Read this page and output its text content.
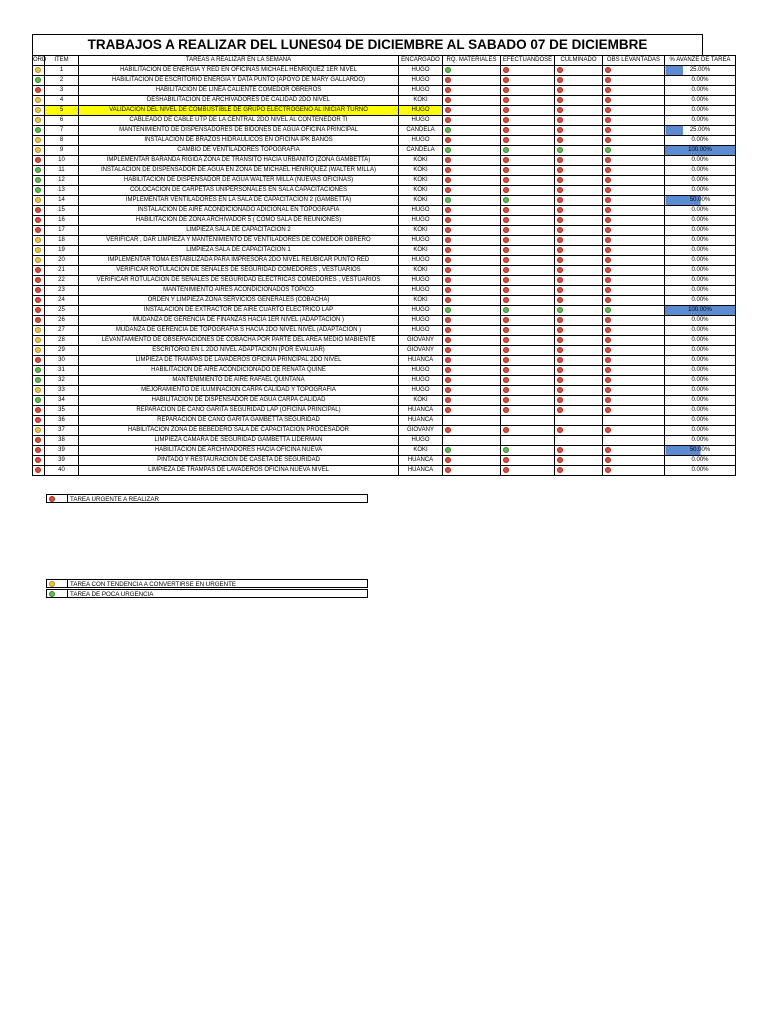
TRABAJOS A REALIZAR DEL LUNES04 DE DICIEMBRE AL SABADO 07 DE DICIEMBRE
ORD	ITEM	TAREAS A REALIZAR EN LA SEMANA	ENCARGADO	RQ. MATERIALES	EFECTUANDOSE	CULMINADO	OBS LEVANTADAS	% AVANZE DE TAREA

	1	HABILITACION DE ENERGIA Y RED EN OFICINAS MICHAEL HENRIQUEZ 1ER NIVEL	HUGO					25.00%

	2	HABILITACION DE ESCRITORIO ENERGIA Y DATA PUNTO (APOYO DE MARY GALLARDO)	HUGO					0.00%

	3	HABILITACION DE LINEA CALIENTE COMEDOR OBREROS	HUGO					0.00%

	4	DESHABILITACION DE ARCHIVADORES DE CALIDAD 2DO NIVEL	KOKI					0.00%

	5	VALIDACION DEL NIVEL DE COMBUSTIBLE DE GRUPO ELECTROGENO AL INICIAR TURNO	HUGO					0.00%

	6	CABLEADO DE CABLE UTP DE LA CENTRAL 2DO NIVEL AL CONTENEDOR TI	HUGO					0.00%

	7	MANTENIMIENTO DE DISPENSADORES DE BIDONES DE AGUA OFICINA PRINCIPAL	CANDELA					25.00%

	8	INSTALACION DE BRAZOS HIDRAULICOS EN OFICINA IPK BAÑOS	HUGO					0.00%

	9	CAMBIO DE VENTILADORES TOPOGRAFIA	CANDELA					100.00%

	10	IMPLEMENTAR BARANDA RIGIDA ZONA DE TRANSITO HACIA URBANITO (ZONA GAMBETTA)	KOKI					0.00%

	11	INSTALACION DE DISPENSADOR DE AGUA EN ZONA DE MICHAEL HENRIQUEZ (WALTER MILLA)	KOKI					0.00%

	12	HABILITACION DE DISPENSADOR DE AGUA WALTER MILLA (NUEVAS OFICINAS)	KOKI					0.00%

	13	COLOCACION DE CARPETAS UNIPERSONALES EN SALA CAPACITACIONES	KOKI					0.00%

	14	IMPLEMENTAR VENTILADORES EN LA SALA DE CAPACITACION 2 (GAMBETTA)	KOKI					50.00%

	15	INSTALACION DE AIRE ACONDICIONADO ADICIONAL EN TOPOGRAFIA	HUGO					0.00%

	16	HABILITACION DE ZONA ARCHIVADOR 5 ( COMO SALA DE REUNIONES)	HUGO					0.00%

	17	LIMPIEZA SALA DE CAPACITACION 2	KOKI					0.00%

	18	VERIFICAR , DAR LIMPIEZA Y MANTENIMIENTO DE VENTILADORES DE COMEDOR OBRERO	HUGO					0.00%

	19	LIMPIEZA SALA DE CAPACITACION 1	KOKI					0.00%

	20	IMPLEMENTAR TOMA ESTABILIZADA PARA IMPRESORA 2DO NIVEL REUBICAR PUNTO RED	HUGO					0.00%

	21	VERIFICAR ROTULACION DE SEÑALES DE SEGURIDAD COMEDORES , VESTUARIOS	KOKI					0.00%

	22	VERIFICAR ROTULACION DE SEÑALES DE SEGURIDAD ELECTRICAS COMEDORES , VESTUARIOS	HUGO					0.00%

	23	MANTENIMIENTO AIRES ACONDICIONADOS TOPICO	HUGO					0.00%

	24	ORDEN Y LIMPIEZA ZONA SERVICIOS GENERALES (COBACHA)	KOKI					0.00%

	25	INSTALACION DE EXTRACTOR DE AIRE CUARTO ELECTRICO LAP	HUGO					100.00%

	26	MUDANZA DE GERENCIA DE FINANZAS HACIA 1ER NIVEL (ADAPTACION )	HUGO					0.00%

	27	MUDANZA DE GERENCIA DE TOPOGRAFIA S HACIA 2DO NIVEL NIVEL (ADAPTACION )	HUGO					0.00%

	28	LEVANTAMIENTO DE OBSERVACIONES DE COBACHA POR PARTE DEL AREA MEDIO MABIENTE	GIOVANY					0.00%

	29	ESCRITORIO EN L 2DO NIVEL ADAPTACION (POR EVALUAR)	GIOVANY					0.00%

	30	LIMPIEZA DE TRAMPAS DE LAVADEROS OFICINA PRINCIPAL 2DO NIVEL	HUANCA					0.00%

	31	HABILITACION DE AIRE ACONDICIONADO DE RENATA QUIÑE	HUGO					0.00%

	32	MANTENIMIENTO DE AIRE RAFAEL QUINTANA	HUGO					0.00%

	33	MEJORAMIENTO DE ILUMINACION CARPA CALIDAD Y TOPOGRAFIA	HUGO					0.00%

	34	HABILITACION DE DISPENSADOR DE AGUA CARPA CALIDAD	KOKI					0.00%

	35	REPARACION DE CAÑO GARITA SEGURIDAD LAP (OFICINA PRINCIPAL)	HUANCA					0.00%

	36	REPARACION DE CAÑO GARITA GAMBETTA SEGURIDAD	HUANCA					0.00%

	37	HABILITACION ZONA DE BEBEDERO SALA DE CAPACITACION PROCESADOR	GIOVANY					0.00%

	38	LIMPIEZA CAMARA DE SEGURIDAD GAMBETTA LIDERMAN	HUGO					0.00%

	39	HABILITACION DE ARCHIVADORES HACIA OFICINA NUEVA	KOKI					50.00%

	39	PINTADO Y RESTAURACION DE CASETA DE SEGURIDAD	HUANCA					0.00%

	40	LIMPIEZA DE TRAMPAS DE LAVADEROS OFICINA NUEVA NIVEL	HUANCA					0.00%
TAREA URGENTE A REALIZAR
TAREA CON TENDENCIA A CONVERTIRSE EN URGENTE
TAREA DE POCA URGENCIA
